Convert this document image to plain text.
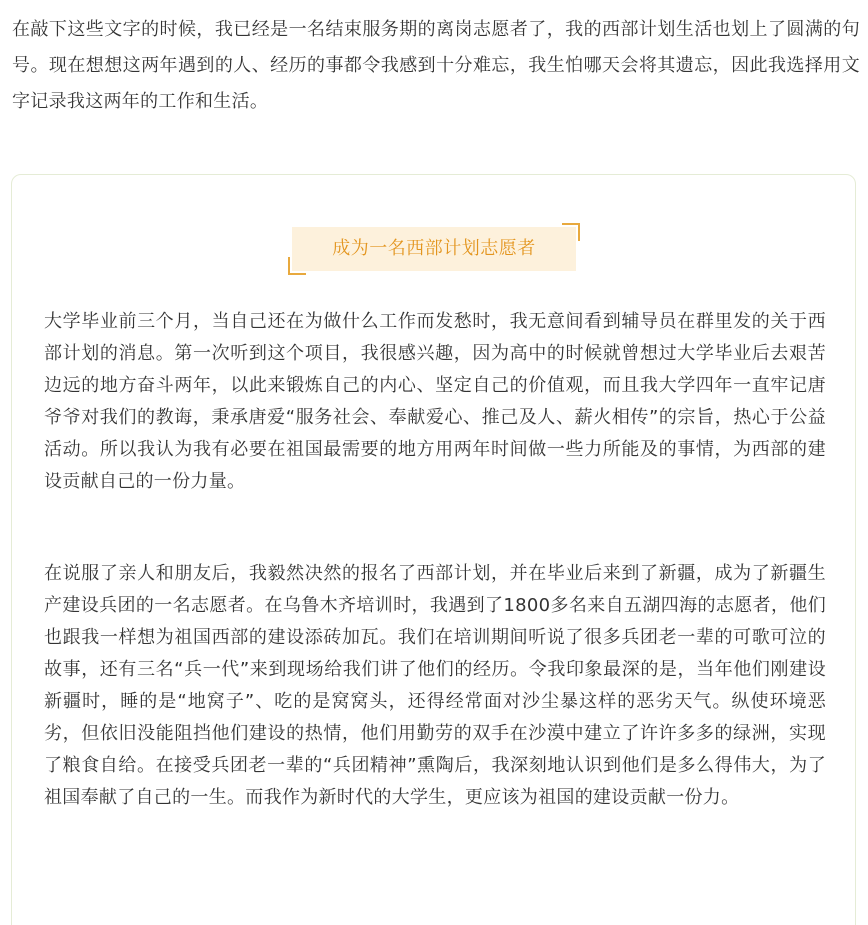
在敲下这些文字的时候，我已经是一名结束服务期的离岗志愿者了，我的西部计划生活也划上了圆满的句号。现在想想这两年遇到的人、经历的事都令我感到十分难忘，我生怕哪天会将其遗忘，因此我选择用文字记录我这两年的工作和生活。

成为一名西部计划志愿者

大学毕业前三个月，当自己还在为做什么工作而发愁时，我无意间看到辅导员在群里发的关于西部计划的消息。第一次听到这个项目，我很感兴趣，因为高中的时候就曾想过大学毕业后去艰苦边远的地方奋斗两年，以此来锻炼自己的内心、坚定自己的价值观，而且我大学四年一直牢记唐爷爷对我们的教诲，秉承唐爱“服务社会、奉献爱心、推己及人、薪火相传”的宗旨，热心于公益活动。所以我认为我有必要在祖国最需要的地方用两年时间做一些力所能及的事情，为西部的建设贡献自己的一份力量。

在说服了亲人和朋友后，我毅然决然的报名了西部计划，并在毕业后来到了新疆，成为了新疆生产建设兵团的一名志愿者。在乌鲁木齐培训时，我遇到了1800多名来自五湖四海的志愿者，他们也跟我一样想为祖国西部的建设添砖加瓦。我们在培训期间听说了很多兵团老一辈的可歌可泣的故事，还有三名“兵一代”来到现场给我们讲了他们的经历。令我印象最深的是，当年他们刚建设新疆时，睡的是“地窝子”、吃的是窝窝头，还得经常面对沙尘暴这样的恶劣天气。纵使环境恶劣，但依旧没能阻挡他们建设的热情，他们用勤劳的双手在沙漠中建立了许许多多的绿洲，实现了粮食自给。在接受兵团老一辈的“兵团精神”熏陶后，我深刻地认识到他们是多么得伟大，为了祖国奉献了自己的一生。而我作为新时代的大学生，更应该为祖国的建设贡献一份力。
